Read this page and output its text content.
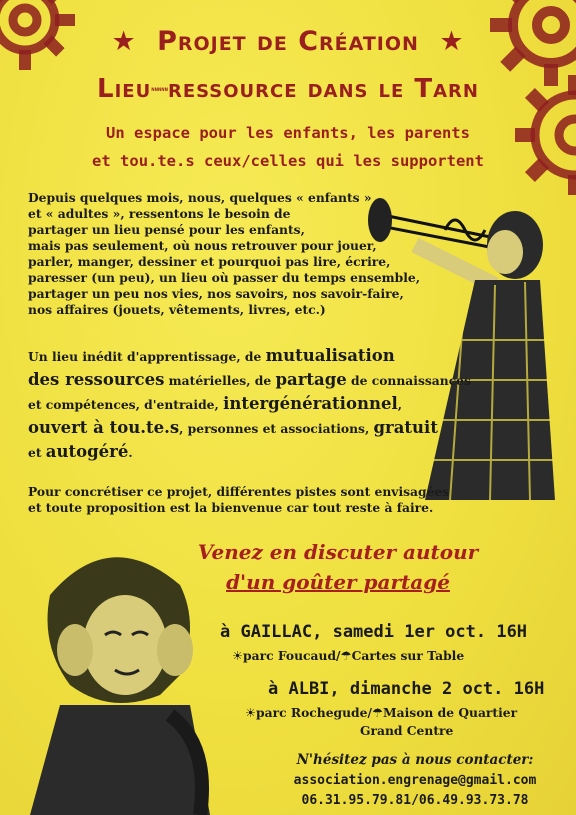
★ Projet de Création ★
Lieunnnnnressource dans le Tarn
Un espace pour les enfants, les parents
et tou.te.s ceux/celles qui les supportent
Depuis quelques mois, nous, quelques « enfants »
et « adultes », ressentons le besoin de
partager un lieu pensé pour les enfants,
mais pas seulement, où nous retrouver pour jouer,
parler, manger, dessiner et pourquoi pas lire, écrire,
paresser (un peu), un lieu où passer du temps ensemble,
partager un peu nos vies, nos savoirs, nos savoir-faire,
nos affaires (jouets, vêtements, livres, etc.)
Un lieu inédit d'apprentissage, de mutualisation
des ressources matérielles, de partage de connaissances
et compétences, d'entraide, intergénérationnel,
ouvert à tou.te.s, personnes et associations, gratuit
et autogéré.
Pour concrétiser ce projet, différentes pistes sont envisagées
et toute proposition est la bienvenue car tout reste à faire.
Venez en discuter autour
d'un goûter partagé
à GAILLAC, samedi 1er oct. 16H
☀parc Foucaud/☂Cartes sur Table
à ALBI, dimanche 2 oct. 16H
☀parc Rochegude/☂Maison de Quartier
Grand Centre
N'hésitez pas à nous contacter:
association.engrenage@gmail.com
06.31.95.79.81/06.49.93.73.78
